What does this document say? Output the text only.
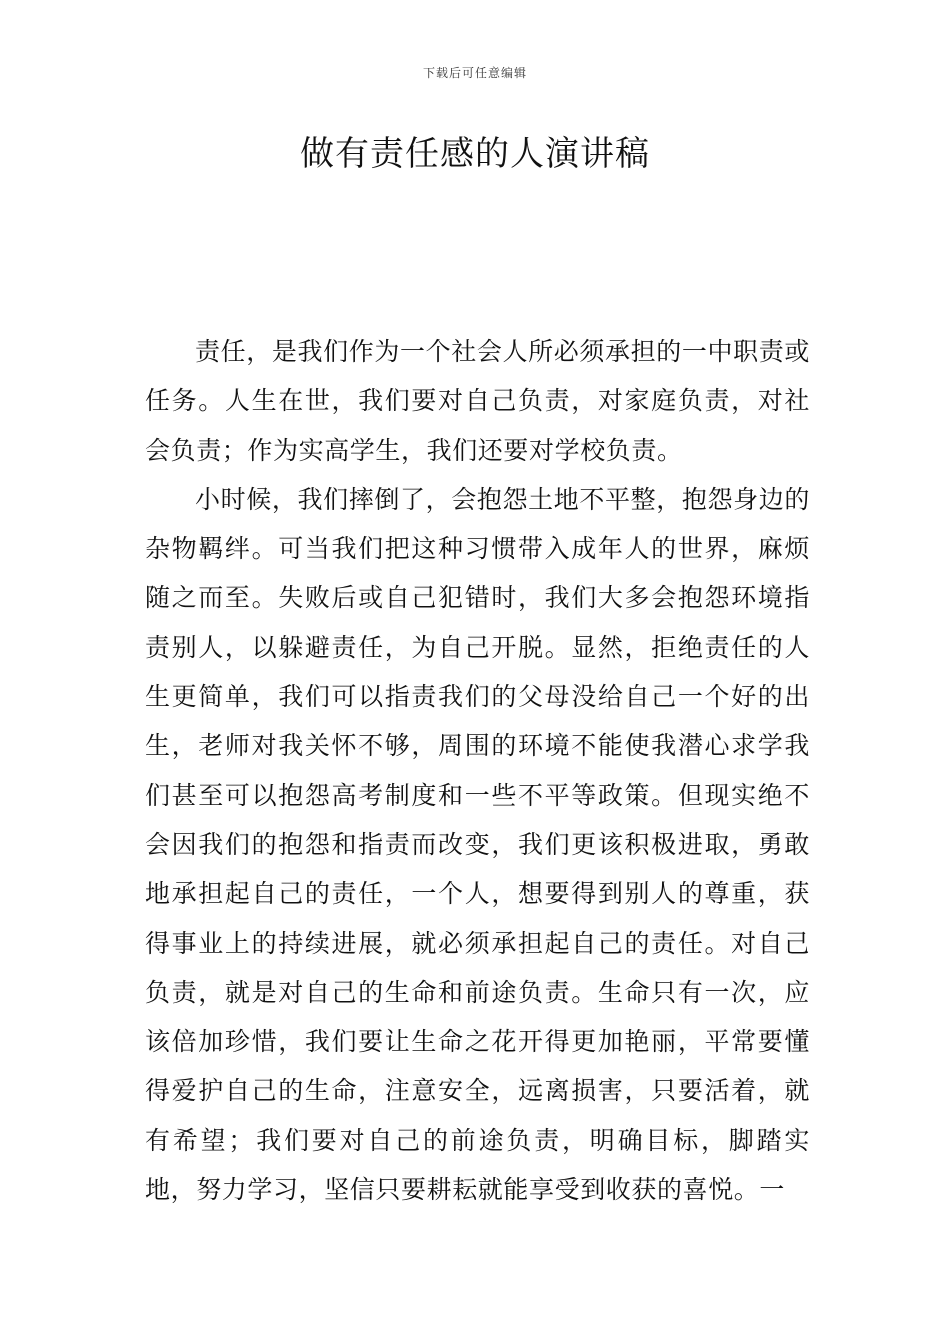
下载后可任意编辑
做有责任感的人演讲稿

责任，是我们作为一个社会人所必须承担的一中职责或任务。人生在世，我们要对自己负责，对家庭负责，对社会负责；作为实高学生，我们还要对学校负责。

小时候，我们摔倒了，会抱怨土地不平整，抱怨身边的杂物羁绊。可当我们把这种习惯带入成年人的世界，麻烦随之而至。失败后或自己犯错时，我们大多会抱怨环境指责别人，以躲避责任，为自己开脱。显然，拒绝责任的人生更简单，我们可以指责我们的父母没给自己一个好的出生，老师对我关怀不够，周围的环境不能使我潜心求学我们甚至可以抱怨高考制度和一些不平等政策。但现实绝不会因我们的抱怨和指责而改变，我们更该积极进取，勇敢地承担起自己的责任，一个人，想要得到别人的尊重，获得事业上的持续进展，就必须承担起自己的责任。对自己负责，就是对自己的生命和前途负责。生命只有一次，应该倍加珍惜，我们要让生命之花开得更加艳丽，平常要懂得爱护自己的生命，注意安全，远离损害，只要活着，就有希望；我们要对自己的前途负责，明确目标，脚踏实地，努力学习，坚信只要耕耘就能享受到收获的喜悦。一
